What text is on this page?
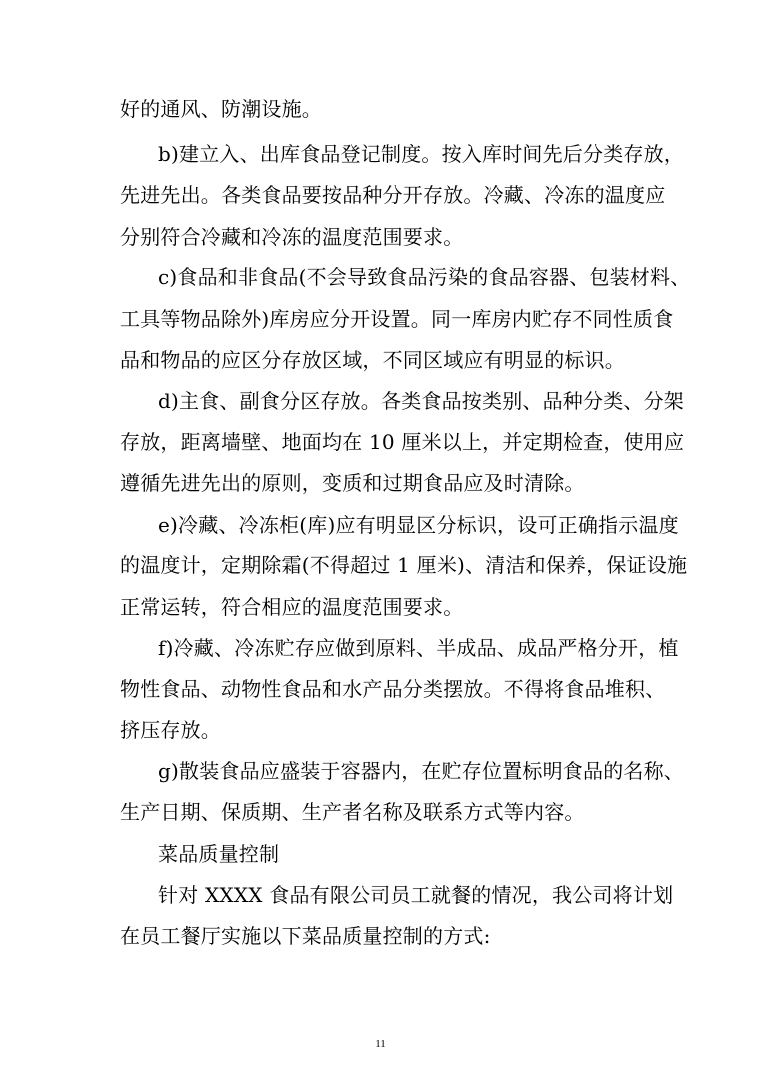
好的通风、防潮设施。
b)建立入、出库食品登记制度。按入库时间先后分类存放，
先进先出。各类食品要按品种分开存放。冷藏、冷冻的温度应
分别符合冷藏和冷冻的温度范围要求。
c)食品和非食品(不会导致食品污染的食品容器、包装材料、
工具等物品除外)库房应分开设置。同一库房内贮存不同性质食
品和物品的应区分存放区域，不同区域应有明显的标识。
d)主食、副食分区存放。各类食品按类别、品种分类、分架
存放，距离墙壁、地面均在 10 厘米以上，并定期检查，使用应
遵循先进先出的原则，变质和过期食品应及时清除。
e)冷藏、冷冻柜(库)应有明显区分标识，设可正确指示温度
的温度计，定期除霜(不得超过 1 厘米)、清洁和保养，保证设施
正常运转，符合相应的温度范围要求。
f)冷藏、冷冻贮存应做到原料、半成品、成品严格分开，植
物性食品、动物性食品和水产品分类摆放。不得将食品堆积、
挤压存放。
g)散装食品应盛装于容器内，在贮存位置标明食品的名称、
生产日期、保质期、生产者名称及联系方式等内容。
菜品质量控制
针对 XXXX 食品有限公司员工就餐的情况，我公司将计划
在员工餐厅实施以下菜品质量控制的方式:
11
